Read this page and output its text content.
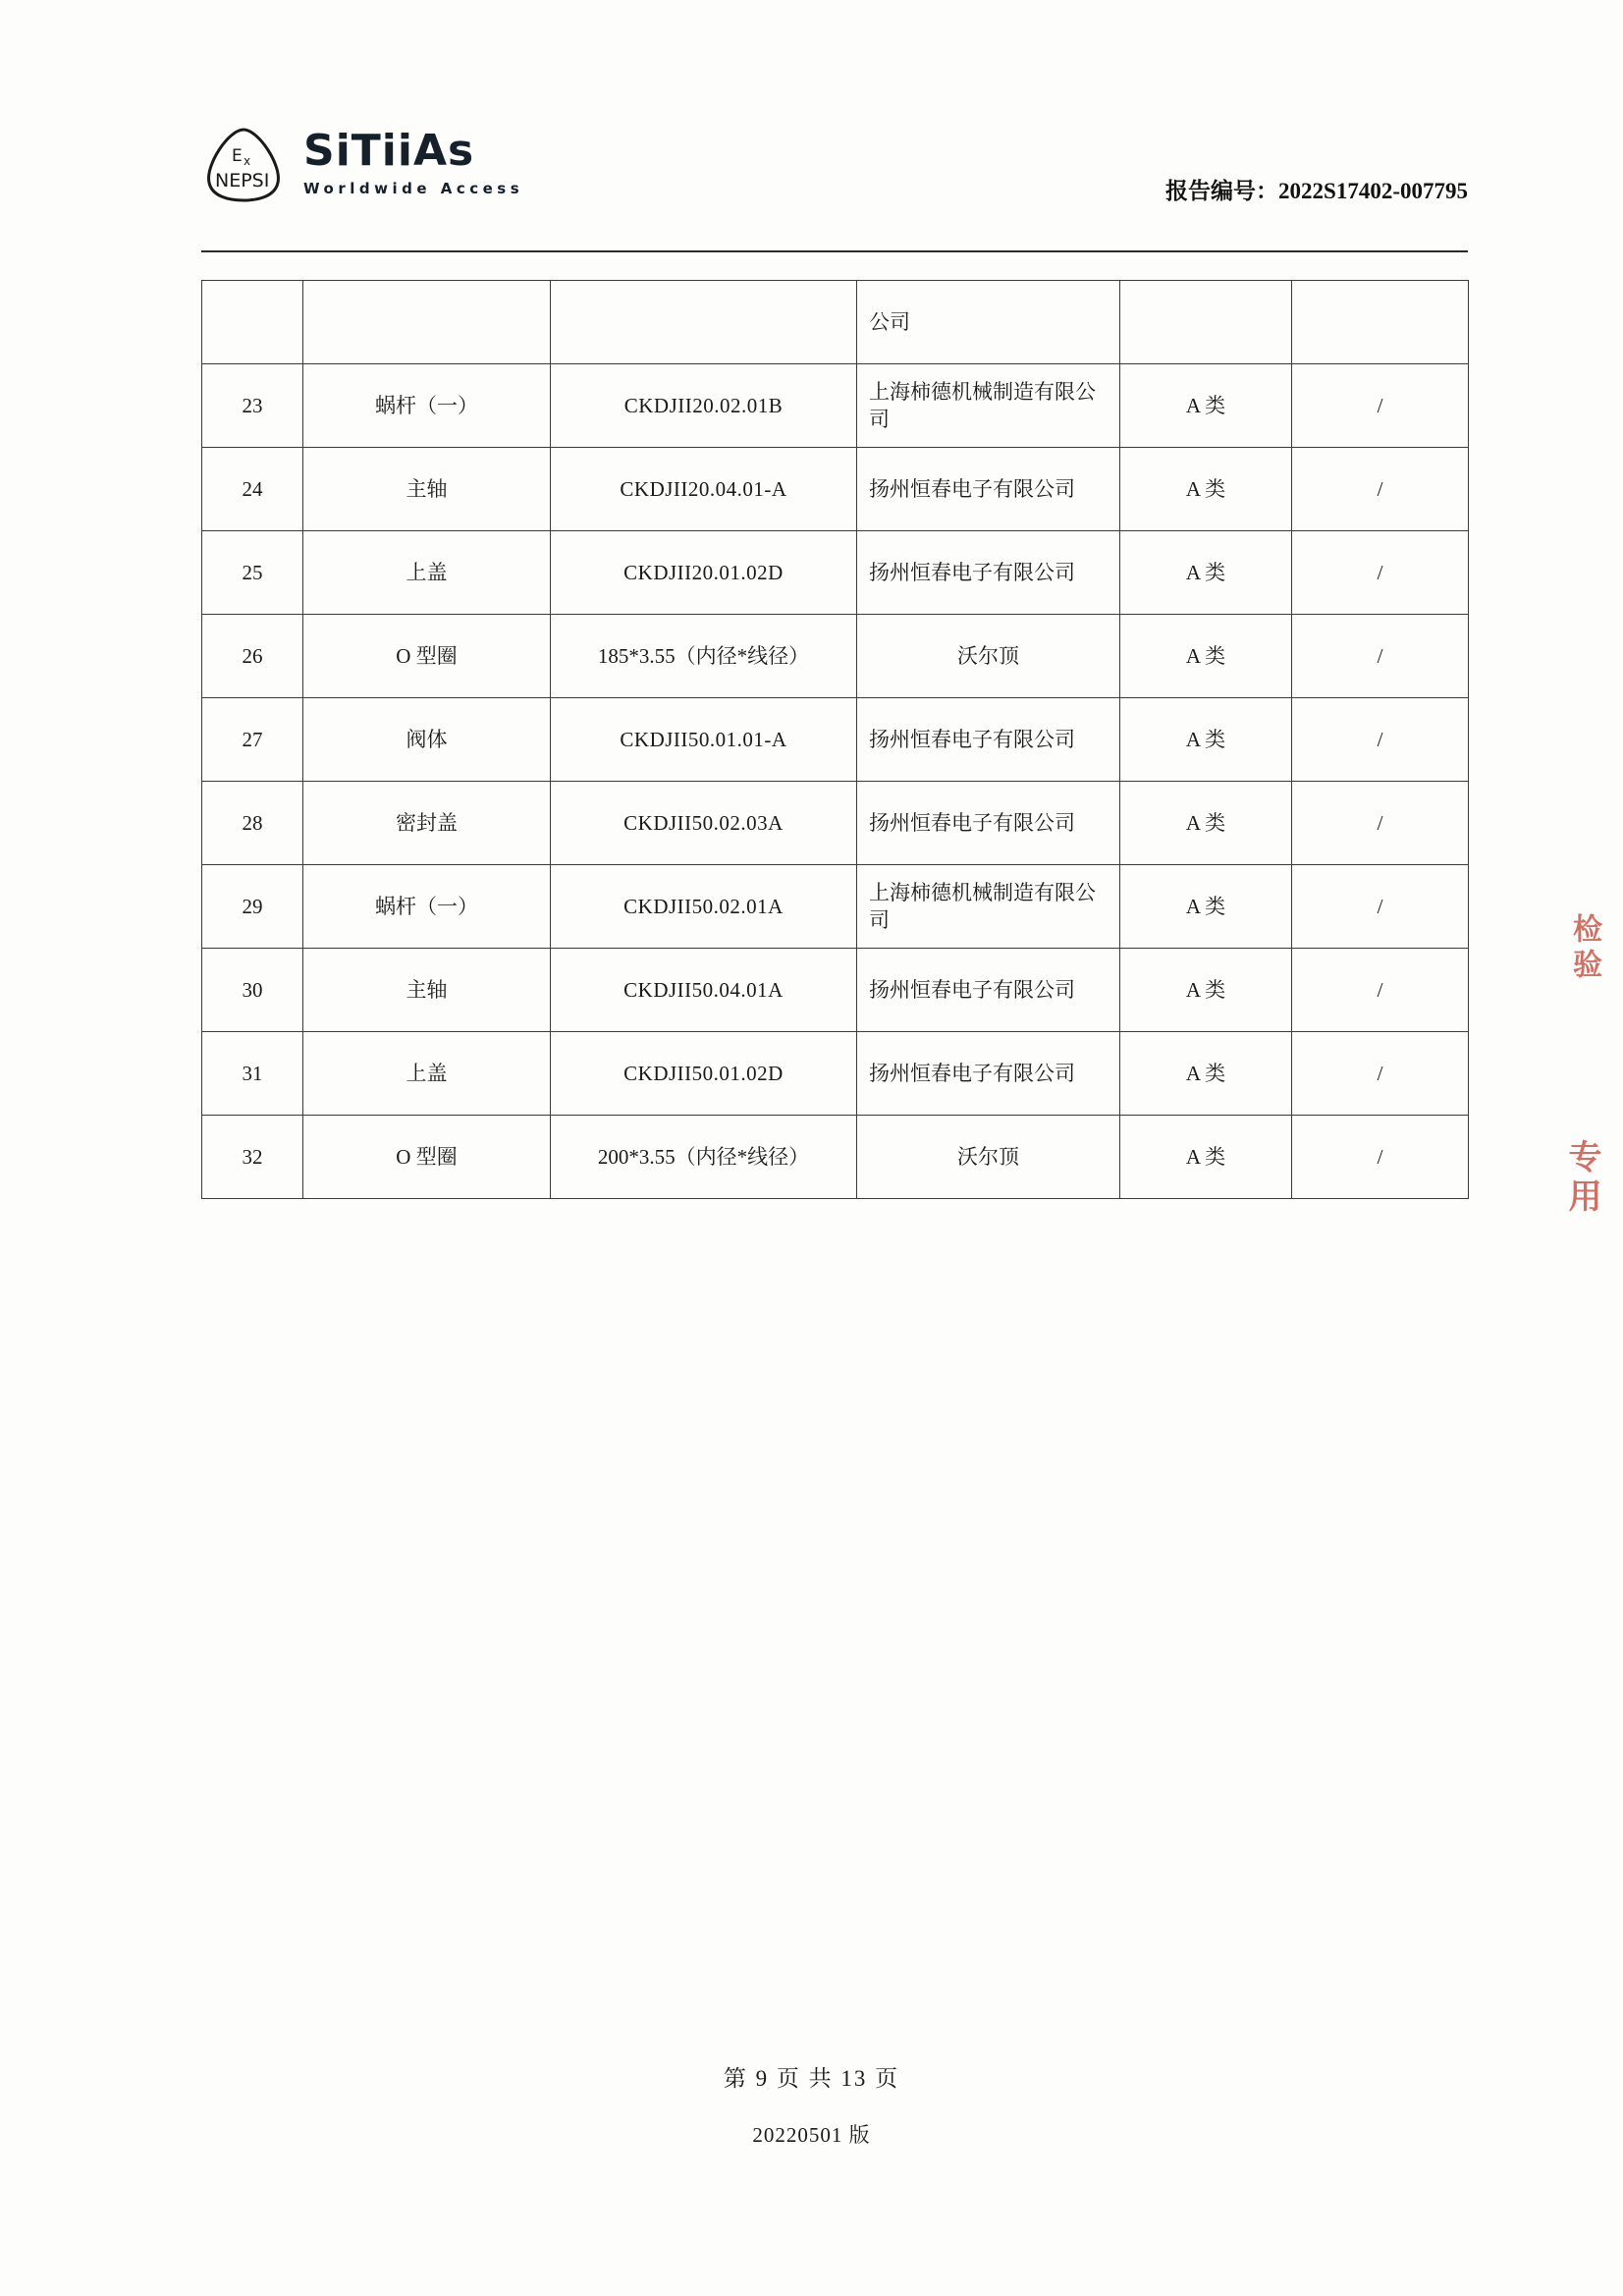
E x
NEPSI
SiTiiAs
Worldwide Access	报告编号：2022S17402-007795
			公司		
23	蜗杆（一）	CKDJII20.02.01B	上海柿德机械制造有限公司	A 类	/
24	主轴	CKDJII20.04.01-A	扬州恒春电子有限公司	A 类	/
25	上盖	CKDJII20.01.02D	扬州恒春电子有限公司	A 类	/
26	O 型圈	185*3.55（内径*线径）	沃尔顶	A 类	/
27	阀体	CKDJII50.01.01-A	扬州恒春电子有限公司	A 类	/
28	密封盖	CKDJII50.02.03A	扬州恒春电子有限公司	A 类	/
29	蜗杆（一）	CKDJII50.02.01A	上海柿德机械制造有限公司	A 类	/
30	主轴	CKDJII50.04.01A	扬州恒春电子有限公司	A 类	/
31	上盖	CKDJII50.01.02D	扬州恒春电子有限公司	A 类	/
32	O 型圈	200*3.55（内径*线径）	沃尔顶	A 类	/
检验
专用
第 9 页 共 13 页
20220501 版
